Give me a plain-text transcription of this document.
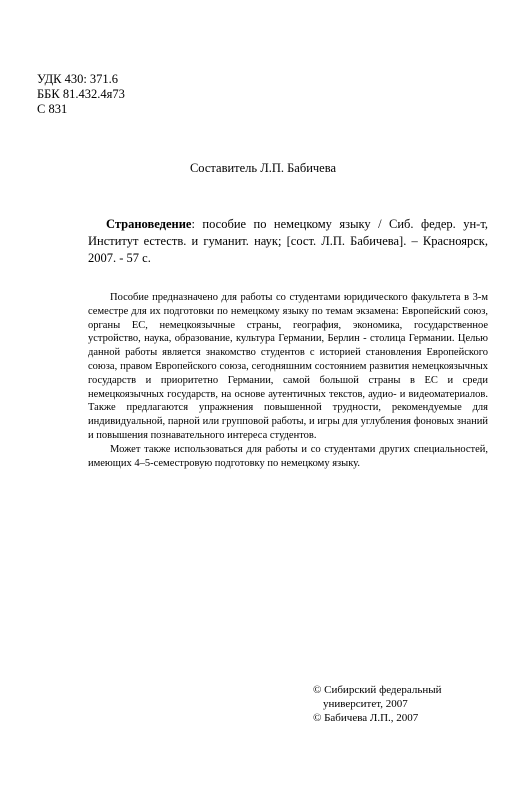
УДК 430: 371.6
ББК 81.432.4я73
С 831
Составитель Л.П. Бабичева
Страноведение: пособие по немецкому языку / Сиб. федер. ун-т, Институт естеств. и гуманит. наук; [сост. Л.П. Бабичева]. – Красноярск, 2007. - 57 с.

Пособие предназначено для работы со студентами юридического факультета в 3-м семестре для их подготовки по немецкому языку по темам экзамена: Европейский союз, органы ЕС, немецкоязычные страны, география, экономика, государственное устройство, наука, образование, культура Германии, Берлин - столица Германии. Целью данной работы является знакомство студентов с историей становления Европейского союза, правом Европейского союза, сегодняшним состоянием развития немецкоязычных государств и приоритетно Германии, самой большой страны в ЕС и среди немецкоязычных государств, на основе аутентичных текстов, аудио- и видеоматериалов. Также предлагаются упражнения повышенной трудности, рекомендуемые для индивидуальной, парной или групповой работы, и игры для углубления фоновых знаний и повышения познавательного интереса студентов.

Может также использоваться для работы и со студентами других специальностей, имеющих 4–5-семестровую подготовку по немецкому языку.

© Сибирский федеральный
университет, 2007
© Бабичева Л.П., 2007
